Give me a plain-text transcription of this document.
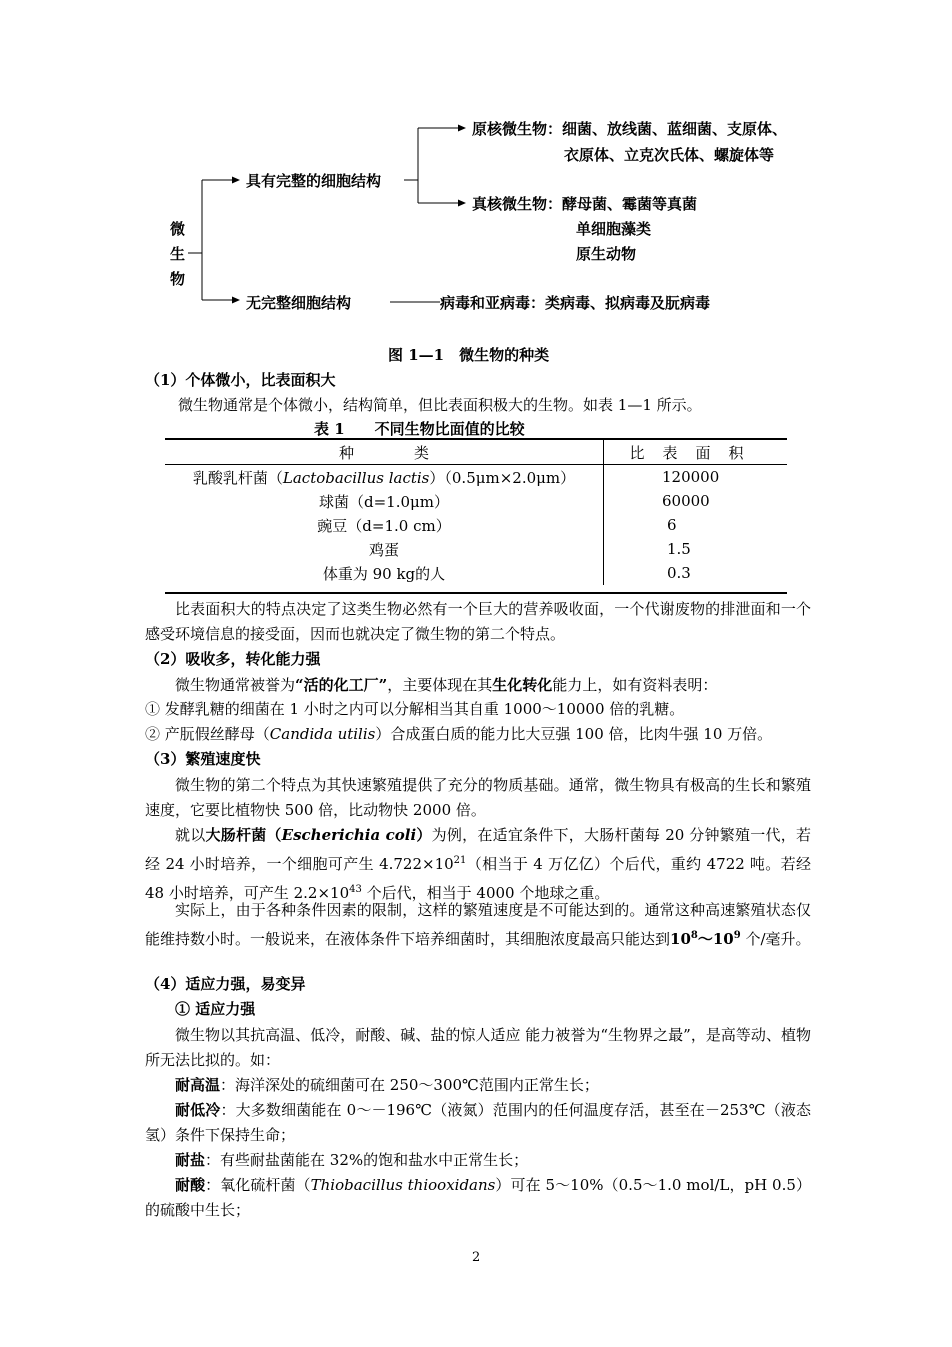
微
生
物
具有完整的细胞结构
原核微生物：细菌、放线菌、蓝细菌、支原体、
衣原体、立克次氏体、螺旋体等
真核微生物：酵母菌、霉菌等真菌
单细胞藻类
原生动物
无完整细胞结构	病毒和亚病毒：类病毒、拟病毒及朊病毒
图 1—1　微生物的种类
（1）个体微小，比表面积大
微生物通常是个体微小，结构简单，但比表面积极大的生物。如表 1—1 所示。
表 1　　不同生物比面值的比较
种　　　　类	比表面积
乳酸乳杆菌（Lactobacillus lactis）（0.5μm×2.0μm）	120000
球菌（d=1.0μm）	60000
豌豆（d=1.0 cm）	6
鸡蛋	1.5
体重为 90 kg的人	0.3
比表面积大的特点决定了这类生物必然有一个巨大的营养吸收面，一个代谢废物的排泄面和一个感受环境信息的接受面，因而也就决定了微生物的第二个特点。
（2）吸收多，转化能力强
微生物通常被誉为“活的化工厂”，主要体现在其生化转化能力上，如有资料表明：
① 发酵乳糖的细菌在 1 小时之内可以分解相当其自重 1000～10000 倍的乳糖。
② 产朊假丝酵母（Candida utilis）合成蛋白质的能力比大豆强 100 倍，比肉牛强 10 万倍。
（3）繁殖速度快
微生物的第二个特点为其快速繁殖提供了充分的物质基础。通常，微生物具有极高的生长和繁殖速度，它要比植物快 500 倍，比动物快 2000 倍。
就以大肠杆菌（Escherichia coli）为例，在适宜条件下，大肠杆菌每 20 分钟繁殖一代，若经 24 小时培养，一个细胞可产生 $4.722\times 10^{21}$（相当于 4 万亿亿）个后代，重约 4722 吨。若经 48 小时培养，可产生 $2.2\times 10^{43}$ 个后代，相当于 4000 个地球之重。
实际上，由于各种条件因素的限制，这样的繁殖速度是不可能达到的。通常这种高速繁殖状态仅能维持数小时。一般说来，在液体条件下培养细菌时，其细胞浓度最高只能达到$10^8\sim 10^9$ 个/毫升。
（4）适应力强，易变异
① 适应力强
微生物以其抗高温、低冷，耐酸、碱、盐的惊人适应 能力被誉为“生物界之最”，是高等动、植物所无法比拟的。如：
耐高温：海洋深处的硫细菌可在 250～300℃范围内正常生长；
耐低冷：大多数细菌能在 0～－196℃（液氮）范围内的任何温度存活，甚至在－253℃（液态氢）条件下保持生命；
耐盐：有些耐盐菌能在 32%的饱和盐水中正常生长；
耐酸：氧化硫杆菌（Thiobacillus thiooxidans）可在 5～10%（0.5～1.0 mol/L，pH 0.5）的硫酸中生长；
2
